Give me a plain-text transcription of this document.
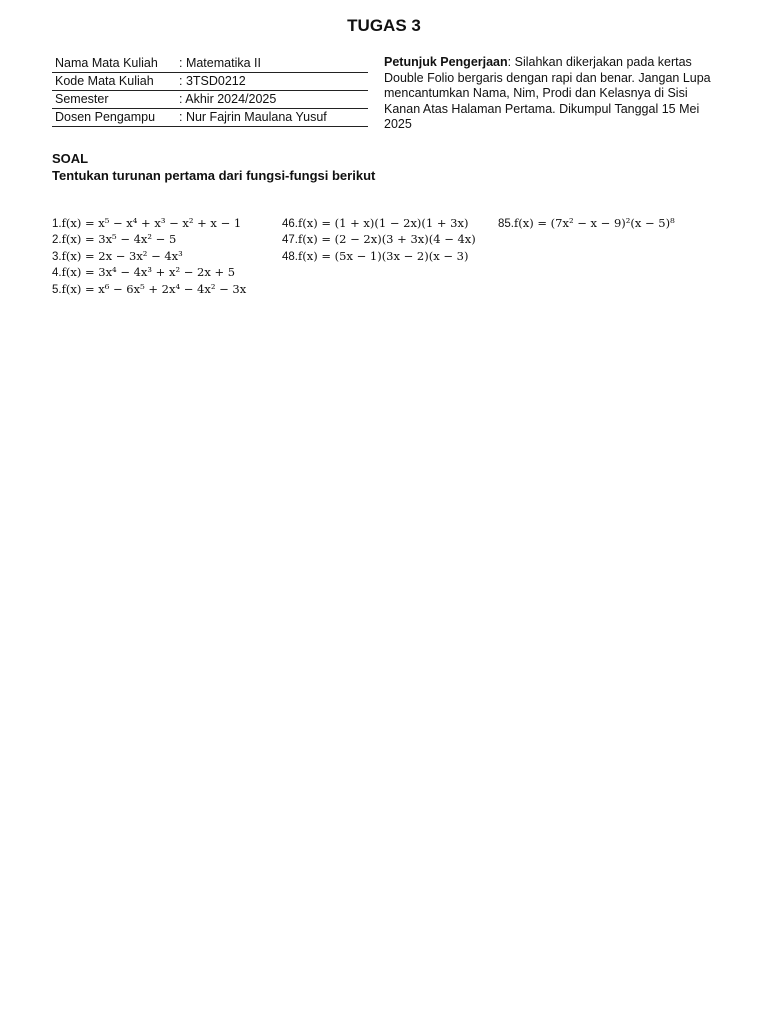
TUGAS 3
Nama Mata Kuliah	: Matematika II
Kode Mata Kuliah	: 3TSD0212
Semester	: Akhir 2024/2025
Dosen Pengampu	: Nur Fajrin Maulana Yusuf
Petunjuk Pengerjaan: Silahkan dikerjakan pada kertas Double Folio bergaris dengan rapi dan benar. Jangan Lupa mencantumkan Nama, Nim, Prodi dan Kelasnya di Sisi Kanan Atas Halaman Pertama. Dikumpul Tanggal 15 Mei 2025
SOAL
Tentukan turunan pertama dari fungsi-fungsi berikut
1.f(x) = x⁵ − x⁴ + x³ − x² + x − 1
2.f(x) = 3x⁵ − 4x² − 5
3.f(x) = 2x − 3x² − 4x³
4.f(x) = 3x⁴ − 4x³ + x² − 2x + 5
5.f(x) = x⁶ − 6x⁵ + 2x⁴ − 4x² − 3x
46.f(x) = (1 + x)(1 − 2x)(1 + 3x)
47.f(x) = (2 − 2x)(3 + 3x)(4 − 4x)
48.f(x) = (5x − 1)(3x − 2)(x − 3)
85.f(x) = (7x² − x − 9)²(x − 5)⁸
